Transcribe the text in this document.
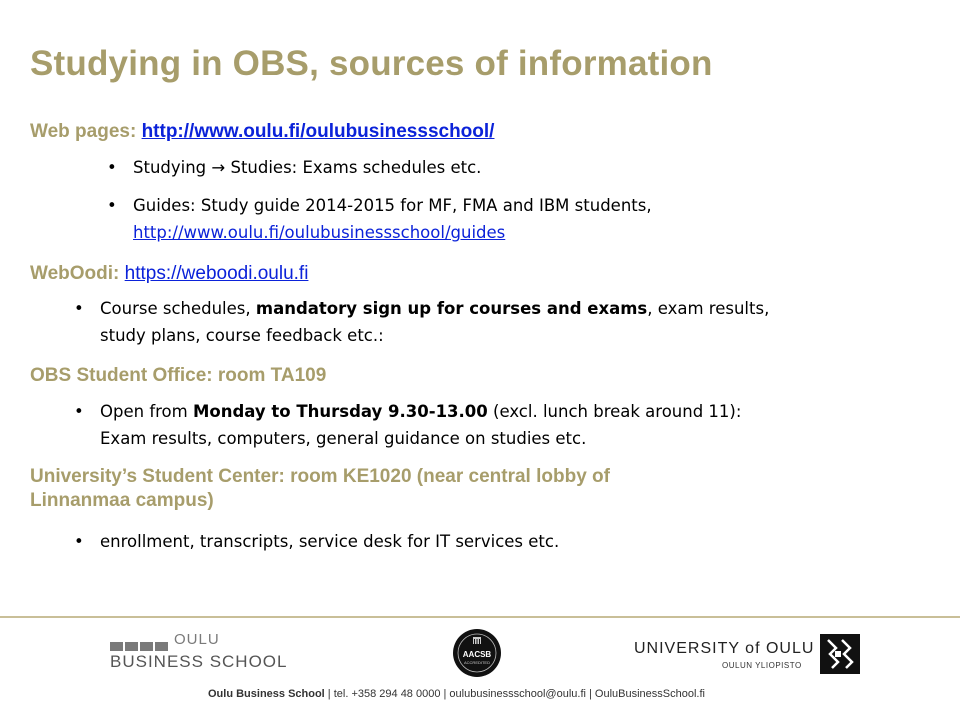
Studying in OBS, sources of information
Web pages: http://www.oulu.fi/oulubusinessschool/
• Studying → Studies: Exams schedules etc.
• Guides: Study guide 2014-2015 for MF, FMA and IBM students,
http://www.oulu.fi/oulubusinessschool/guides
WebOodi: https://weboodi.oulu.fi
• Course schedules, mandatory sign up for courses and exams, exam results,
study plans, course feedback etc.:
OBS Student Office: room TA109
• Open from Monday to Thursday 9.30-13.00 (excl. lunch break around 11):
Exam results, computers, general guidance on studies etc.
University’s Student Center: room KE1020 (near central lobby of
Linnanmaa campus)
• enrollment, transcripts, service desk for IT services etc.
OULU
BUSINESS SCHOOL	AACSB
ACCREDITED
UNIVERSITY of OULU
OULUN YLIOPISTO
Oulu Business School | tel. +358 294 48 0000 | oulubusinessschool@oulu.fi | OuluBusinessSchool.fi
